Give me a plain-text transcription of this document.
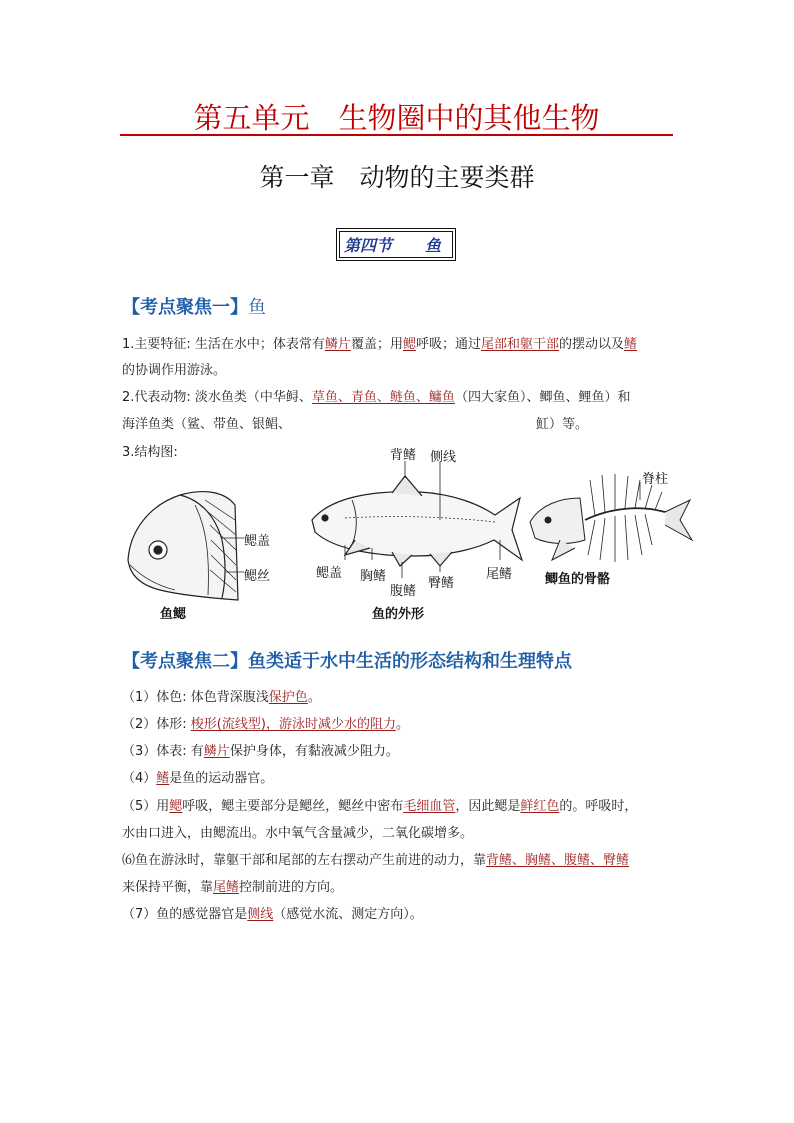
第五单元　生物圈中的其他生物
第一章　动物的主要类群
第四节 鱼
【考点聚焦一】鱼
1.主要特征: 生活在水中；体表常有鳞片覆盖；用鳃呼吸；通过尾部和躯干部的摆动以及鳍
的协调作用游泳。
2.代表动物: 淡水鱼类（中华鲟、草鱼、青鱼、鲢鱼、鳙鱼（四大家鱼）、鲫鱼、鲤鱼）和
海洋鱼类（鲨、带鱼、银鲳、	魟）等。
3.结构图:
鳃盖
鳃丝
鱼鳃
背鳍 侧线
鳃盖 胸鳍
腹鳍
臀鳍
尾鳍
鱼的外形
脊柱
鲫鱼的骨骼
【考点聚焦二】鱼类适于水中生活的形态结构和生理特点
（1）体色: 体色背深腹浅保护色。
（2）体形: 梭形(流线型)，游泳时减少水的阻力。
（3）体表: 有鳞片保护身体，有黏液减少阻力。
（4）鳍是鱼的运动器官。
（5）用鳃呼吸，鳃主要部分是鳃丝，鳃丝中密布毛细血管，因此鳃是鲜红色的。呼吸时，
水由口进入，由鳃流出。水中氧气含量减少，二氧化碳增多。
⑹鱼在游泳时，靠躯干部和尾部的左右摆动产生前进的动力，靠背鳍、胸鳍、腹鳍、臀鳍
来保持平衡，靠尾鳍控制前进的方向。
（7）鱼的感觉器官是侧线（感觉水流、测定方向）。
